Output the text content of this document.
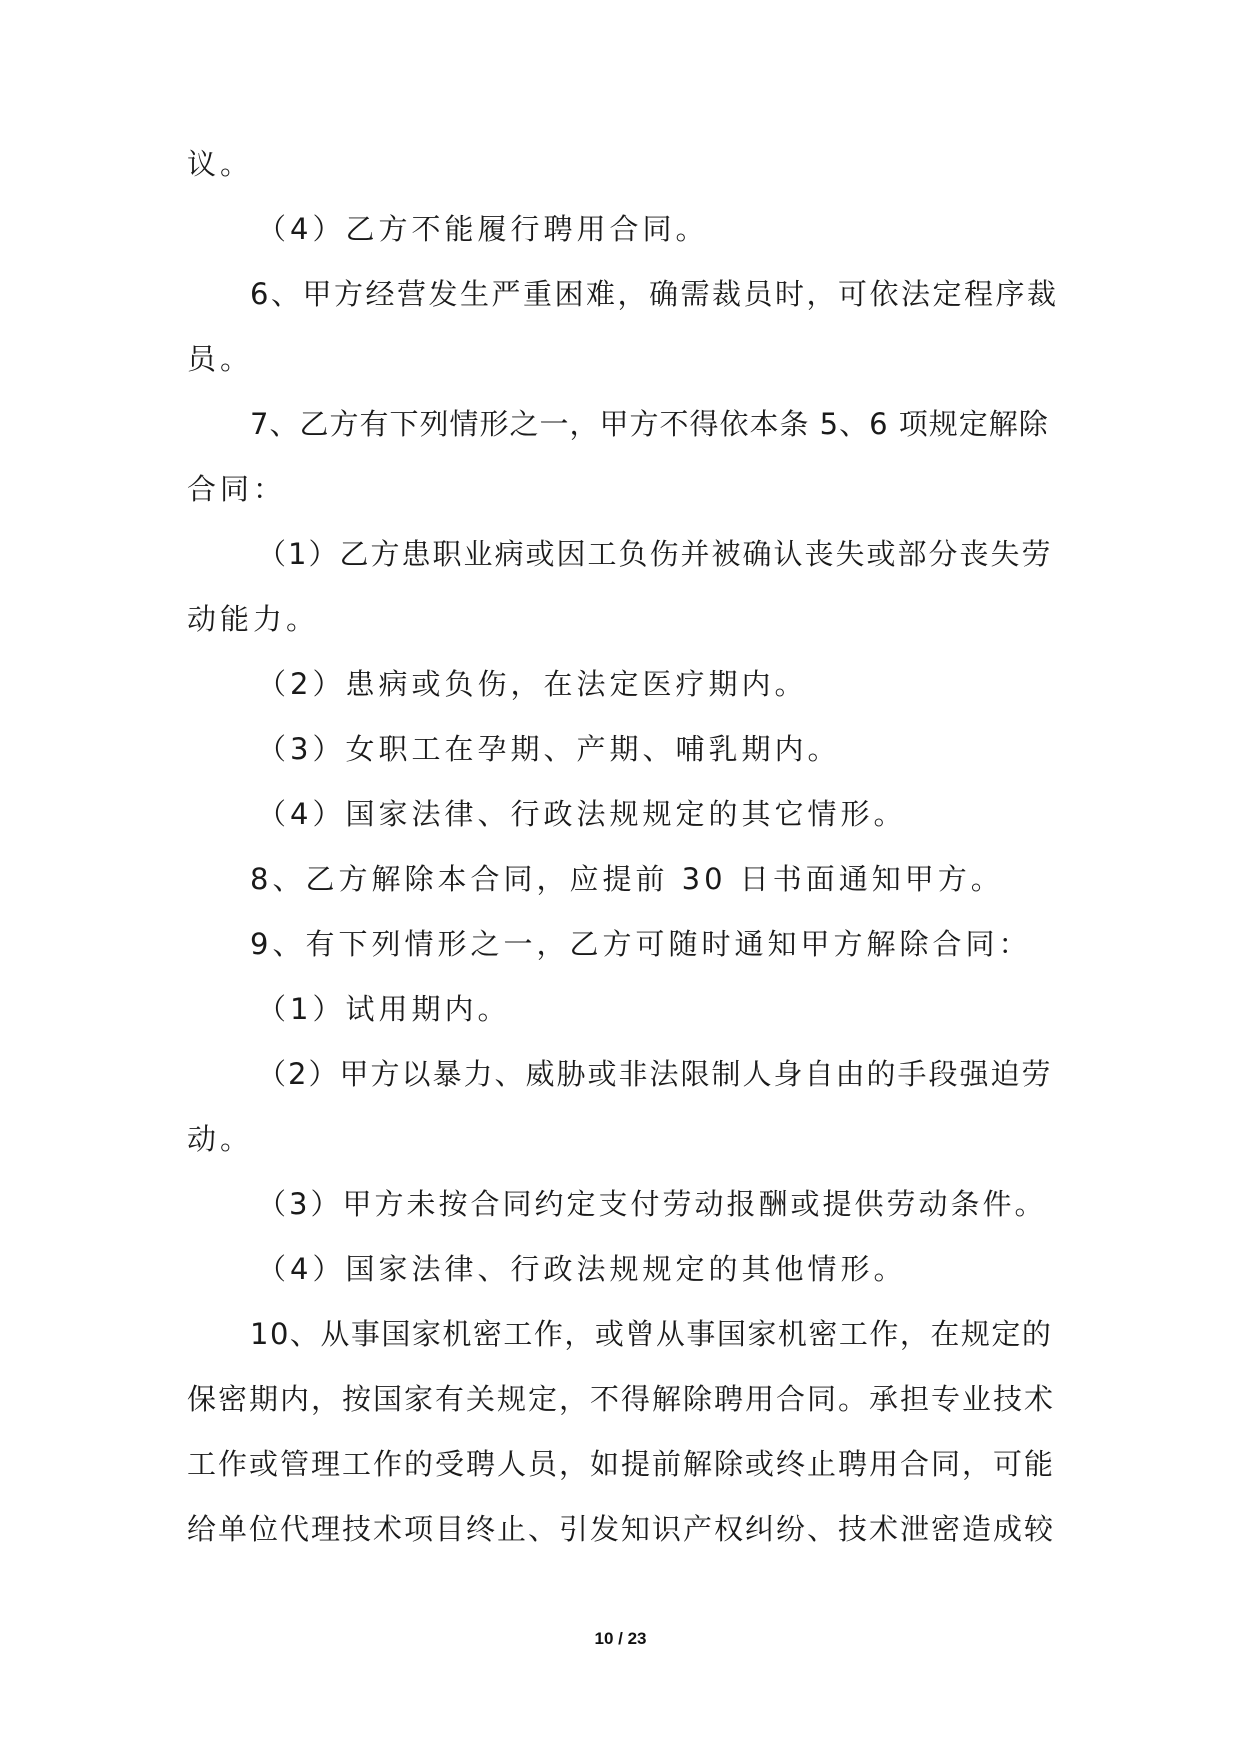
议。
（4）乙方不能履行聘用合同。
6、甲方经营发生严重困难，确需裁员时，可依法定程序裁
员。
7、乙方有下列情形之一，甲方不得依本条 5、6 项规定解除
合同：
（1）乙方患职业病或因工负伤并被确认丧失或部分丧失劳
动能力。
（2）患病或负伤，在法定医疗期内。
（3）女职工在孕期、产期、哺乳期内。
（4）国家法律、行政法规规定的其它情形。
8、乙方解除本合同，应提前 30 日书面通知甲方。
9、有下列情形之一，乙方可随时通知甲方解除合同：
（1）试用期内。
（2）甲方以暴力、威胁或非法限制人身自由的手段强迫劳
动。
（3）甲方未按合同约定支付劳动报酬或提供劳动条件。
（4）国家法律、行政法规规定的其他情形。
10、从事国家机密工作，或曾从事国家机密工作，在规定的
保密期内，按国家有关规定，不得解除聘用合同。承担专业技术
工作或管理工作的受聘人员，如提前解除或终止聘用合同，可能
给单位代理技术项目终止、引发知识产权纠纷、技术泄密造成较
10 / 23
